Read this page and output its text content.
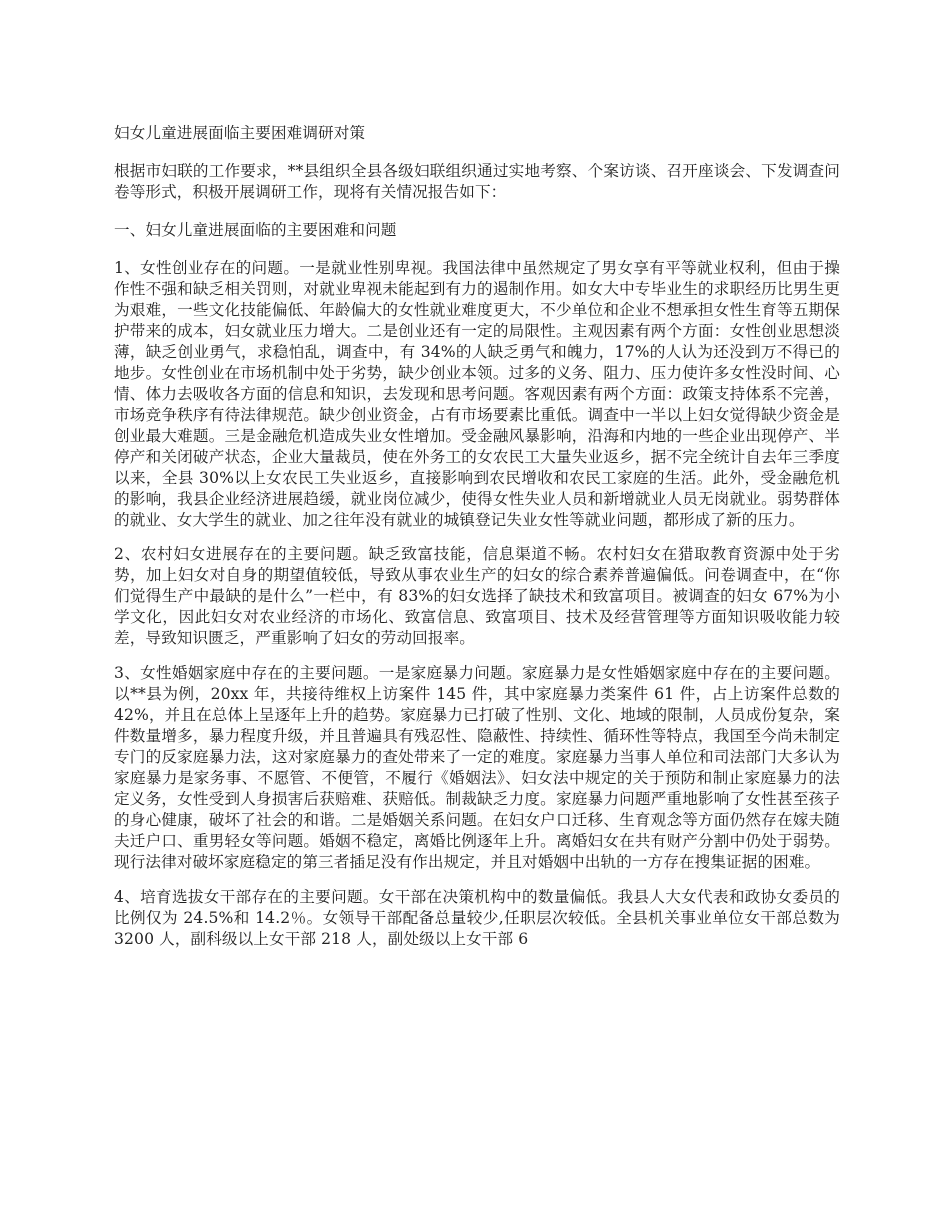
妇女儿童进展面临主要困难调研对策

根据市妇联的工作要求，**县组织全县各级妇联组织通过实地考察、个案访谈、召开座谈会、下发调查问卷等形式，积极开展调研工作，现将有关情况报告如下：

一、妇女儿童进展面临的主要困难和问题

1、女性创业存在的问题。一是就业性别卑视。我国法律中虽然规定了男女享有平等就业权利，但由于操作性不强和缺乏相关罚则，对就业卑视未能起到有力的遏制作用。如女大中专毕业生的求职经历比男生更为艰难，一些文化技能偏低、年龄偏大的女性就业难度更大，不少单位和企业不想承担女性生育等五期保护带来的成本，妇女就业压力增大。二是创业还有一定的局限性。主观因素有两个方面：女性创业思想淡薄，缺乏创业勇气，求稳怕乱，调查中，有 34%的人缺乏勇气和魄力，17%的人认为还没到万不得已的地步。女性创业在市场机制中处于劣势，缺少创业本领。过多的义务、阻力、压力使许多女性没时间、心情、体力去吸收各方面的信息和知识，去发现和思考问题。客观因素有两个方面：政策支持体系不完善，市场竞争秩序有待法律规范。缺少创业资金，占有市场要素比重低。调查中一半以上妇女觉得缺少资金是创业最大难题。三是金融危机造成失业女性增加。受金融风暴影响，沿海和内地的一些企业出现停产、半停产和关闭破产状态，企业大量裁员，使在外务工的女农民工大量失业返乡，据不完全统计自去年三季度以来，全县 30%以上女农民工失业返乡，直接影响到农民增收和农民工家庭的生活。此外，受金融危机的影响，我县企业经济进展趋缓，就业岗位减少，使得女性失业人员和新增就业人员无岗就业。弱势群体的就业、女大学生的就业、加之往年没有就业的城镇登记失业女性等就业问题，都形成了新的压力。

2、农村妇女进展存在的主要问题。缺乏致富技能，信息渠道不畅。农村妇女在猎取教育资源中处于劣势，加上妇女对自身的期望值较低，导致从事农业生产的妇女的综合素养普遍偏低。问卷调查中，在“你们觉得生产中最缺的是什么”一栏中，有 83%的妇女选择了缺技术和致富项目。被调查的妇女 67%为小学文化，因此妇女对农业经济的市场化、致富信息、致富项目、技术及经营管理等方面知识吸收能力较差，导致知识匮乏，严重影响了妇女的劳动回报率。

3、女性婚姻家庭中存在的主要问题。一是家庭暴力问题。家庭暴力是女性婚姻家庭中存在的主要问题。以**县为例，20xx 年，共接待维权上访案件 145 件，其中家庭暴力类案件 61 件，占上访案件总数的 42%，并且在总体上呈逐年上升的趋势。家庭暴力已打破了性别、文化、地域的限制，人员成份复杂，案件数量增多，暴力程度升级，并且普遍具有残忍性、隐蔽性、持续性、循环性等特点，我国至今尚未制定专门的反家庭暴力法，这对家庭暴力的查处带来了一定的难度。家庭暴力当事人单位和司法部门大多认为家庭暴力是家务事、不愿管、不便管，不履行《婚姻法》、妇女法中规定的关于预防和制止家庭暴力的法定义务，女性受到人身损害后获赔难、获赔低。制裁缺乏力度。家庭暴力问题严重地影响了女性甚至孩子的身心健康，破坏了社会的和谐。二是婚姻关系问题。在妇女户口迁移、生育观念等方面仍然存在嫁夫随夫迁户口、重男轻女等问题。婚姻不稳定，离婚比例逐年上升。离婚妇女在共有财产分割中仍处于弱势。现行法律对破坏家庭稳定的第三者插足没有作出规定，并且对婚姻中出轨的一方存在搜集证据的困难。

4、培育选拔女干部存在的主要问题。女干部在决策机构中的数量偏低。我县人大女代表和政协女委员的比例仅为 24.5%和 14.2％。女领导干部配备总量较少,任职层次较低。全县机关事业单位女干部总数为 3200 人，副科级以上女干部 218 人，副处级以上女干部 6
